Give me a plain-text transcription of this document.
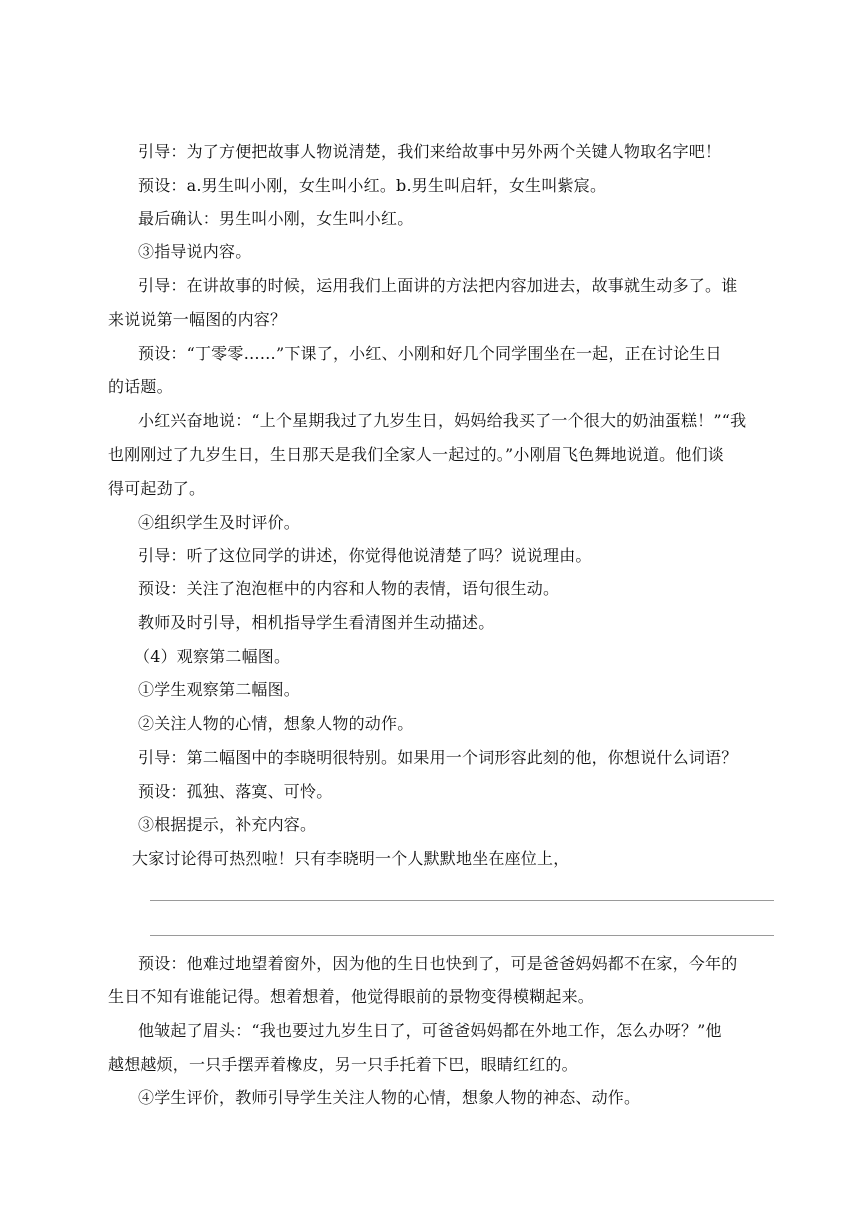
引导：为了方便把故事人物说清楚，我们来给故事中另外两个关键人物取名字吧！
预设：a.男生叫小刚，女生叫小红。b.男生叫启轩，女生叫紫宸。
最后确认：男生叫小刚，女生叫小红。
③指导说内容。
引导：在讲故事的时候，运用我们上面讲的方法把内容加进去，故事就生动多了。谁
来说说第一幅图的内容？
预设：“丁零零……”下课了，小红、小刚和好几个同学围坐在一起，正在讨论生日
的话题。
小红兴奋地说：“上个星期我过了九岁生日，妈妈给我买了一个很大的奶油蛋糕！”“我
也刚刚过了九岁生日，生日那天是我们全家人一起过的。”小刚眉飞色舞地说道。他们谈
得可起劲了。
④组织学生及时评价。
引导：听了这位同学的讲述，你觉得他说清楚了吗？说说理由。
预设：关注了泡泡框中的内容和人物的表情，语句很生动。
教师及时引导，相机指导学生看清图并生动描述。
（4）观察第二幅图。
①学生观察第二幅图。
②关注人物的心情，想象人物的动作。
引导：第二幅图中的李晓明很特别。如果用一个词形容此刻的他，你想说什么词语？
预设：孤独、落寞、可怜。
③根据提示，补充内容。
大家讨论得可热烈啦！只有李晓明一个人默默地坐在座位上，
预设：他难过地望着窗外，因为他的生日也快到了，可是爸爸妈妈都不在家，今年的
生日不知有谁能记得。想着想着，他觉得眼前的景物变得模糊起来。
他皱起了眉头：“我也要过九岁生日了，可爸爸妈妈都在外地工作，怎么办呀？”他
越想越烦，一只手摆弄着橡皮，另一只手托着下巴，眼睛红红的。
④学生评价，教师引导学生关注人物的心情，想象人物的神态、动作。
